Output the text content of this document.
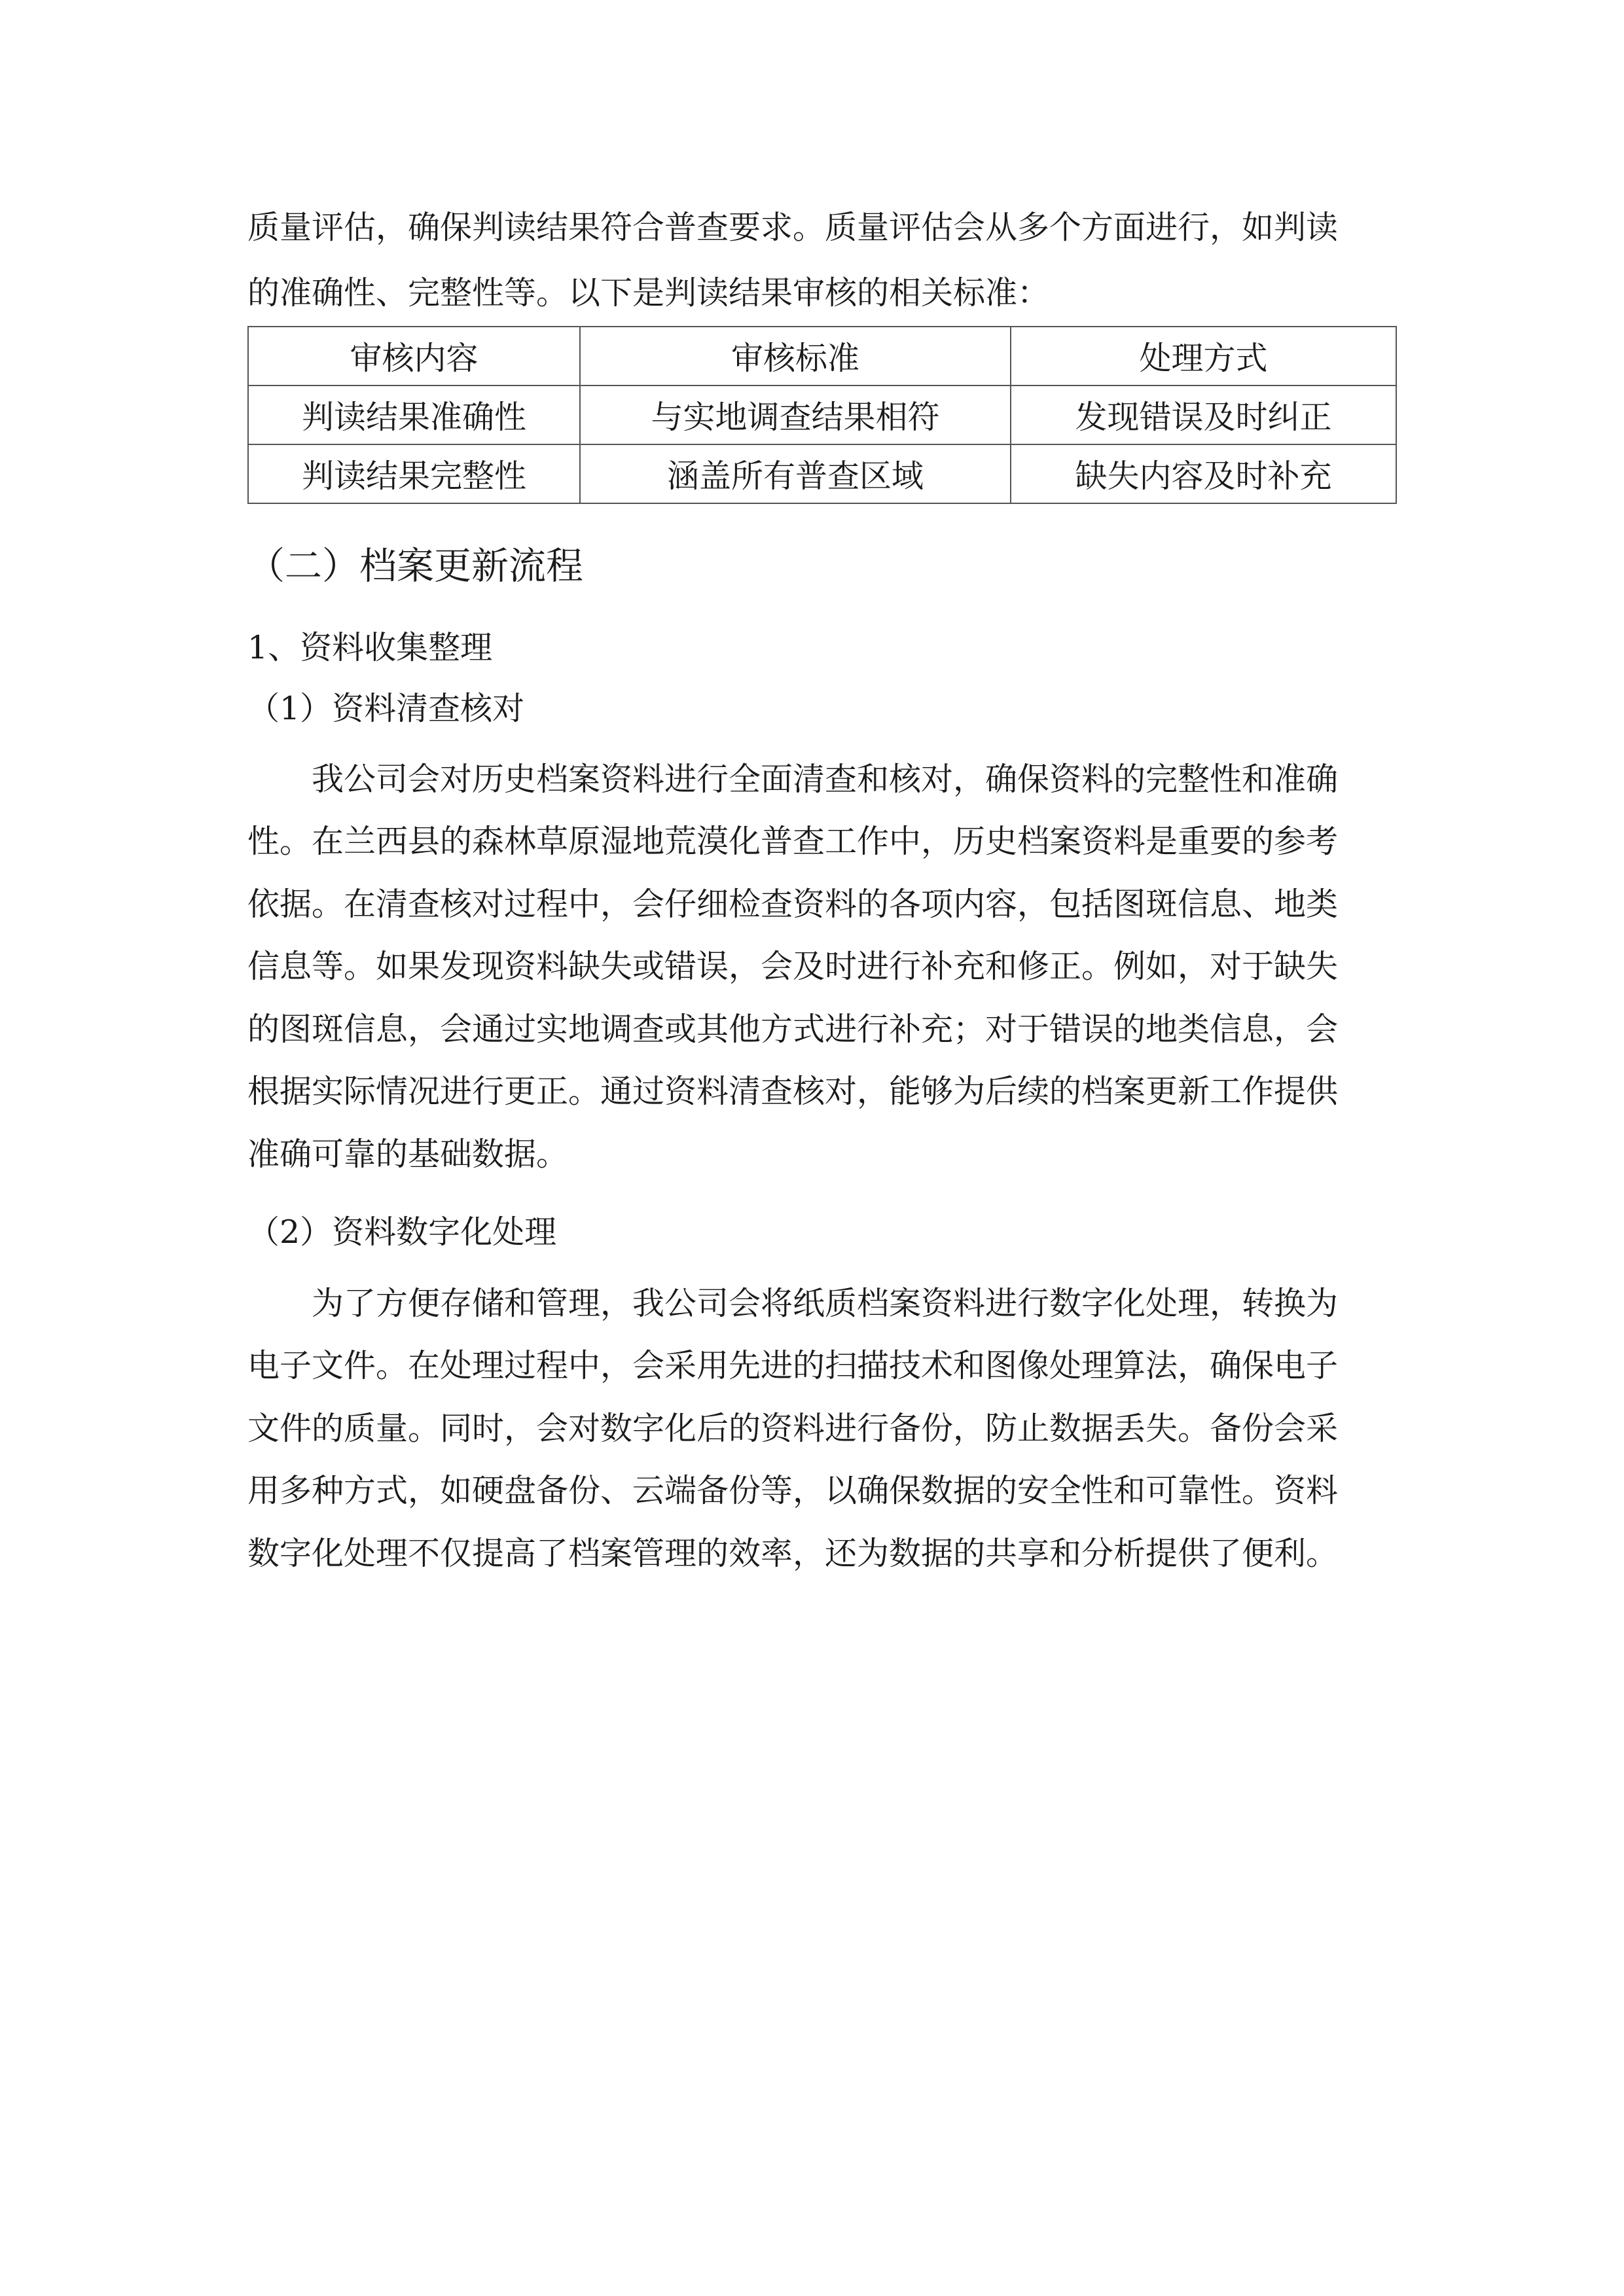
质量评估，确保判读结果符合普查要求。质量评估会从多个方面进行，如判读

的准确性、完整性等。以下是判读结果审核的相关标准：

审核内容	审核标准	处理方式
判读结果准确性	与实地调查结果相符	发现错误及时纠正
判读结果完整性	涵盖所有普查区域	缺失内容及时补充
（二）档案更新流程

1、资料收集整理

（1）资料清查核对

我公司会对历史档案资料进行全面清查和核对，确保资料的完整性和准确

性。在兰西县的森林草原湿地荒漠化普查工作中，历史档案资料是重要的参考

依据。在清查核对过程中，会仔细检查资料的各项内容，包括图斑信息、地类

信息等。如果发现资料缺失或错误，会及时进行补充和修正。例如，对于缺失

的图斑信息，会通过实地调查或其他方式进行补充；对于错误的地类信息，会

根据实际情况进行更正。通过资料清查核对，能够为后续的档案更新工作提供

准确可靠的基础数据。

（2）资料数字化处理

为了方便存储和管理，我公司会将纸质档案资料进行数字化处理，转换为

电子文件。在处理过程中，会采用先进的扫描技术和图像处理算法，确保电子

文件的质量。同时，会对数字化后的资料进行备份，防止数据丢失。备份会采

用多种方式，如硬盘备份、云端备份等，以确保数据的安全性和可靠性。资料

数字化处理不仅提高了档案管理的效率，还为数据的共享和分析提供了便利。
